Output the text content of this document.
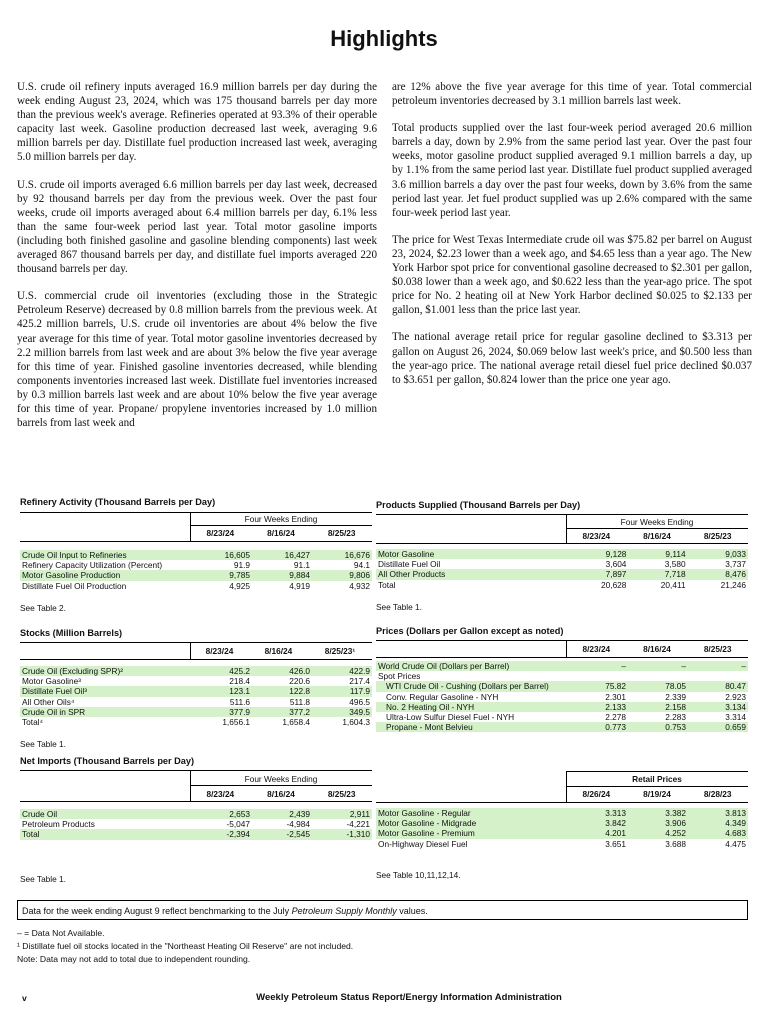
Highlights

U.S. crude oil refinery inputs averaged 16.9 million barrels per day during the week ending August 23, 2024, which was 175 thousand barrels per day more than the previous week's average. Refineries operated at 93.3% of their operable capacity last week. Gasoline production decreased last week, averaging 9.6 million barrels per day. Distillate fuel production increased last week, averaging 5.0 million barrels per day.

U.S. crude oil imports averaged 6.6 million barrels per day last week, decreased by 92 thousand barrels per day from the previous week. Over the past four weeks, crude oil imports averaged about 6.4 million barrels per day, 6.1% less than the same four-week period last year. Total motor gasoline imports (including both finished gasoline and gasoline blending components) last week averaged 867 thousand barrels per day, and distillate fuel imports averaged 220 thousand barrels per day.

U.S. commercial crude oil inventories (excluding those in the Strategic Petroleum Reserve) decreased by 0.8 million barrels from the previous week. At 425.2 million barrels, U.S. crude oil inventories are about 4% below the five year average for this time of year. Total motor gasoline inventories decreased by 2.2 million barrels from last week and are about 3% below the five year average for this time of year. Finished gasoline inventories decreased, while blending components inventories increased last week. Distillate fuel inventories increased by 0.3 million barrels last week and are about 10% below the five year average for this time of year. Propane/ propylene inventories increased by 1.0 million barrels from last week and

are 12% above the five year average for this time of year. Total commercial petroleum inventories decreased by 3.1 million barrels last week.

Total products supplied over the last four-week period averaged 20.6 million barrels a day, down by 2.9% from the same period last year. Over the past four weeks, motor gasoline product supplied averaged 9.1 million barrels a day, up by 1.1% from the same period last year. Distillate fuel product supplied averaged 3.6 million barrels a day over the past four weeks, down by 3.6% from the same period last year. Jet fuel product supplied was up 2.6% compared with the same four-week period last year.

The price for West Texas Intermediate crude oil was $75.82 per barrel on August 23, 2024, $2.23 lower than a week ago, and $4.65 less than a year ago. The New York Harbor spot price for conventional gasoline decreased to $2.301 per gallon, $0.038 lower than a week ago, and $0.622 less than the year-ago price. The spot price for No. 2 heating oil at New York Harbor declined $0.025 to $2.133 per gallon, $1.001 less than the price last year.

The national average retail price for regular gasoline declined to $3.313 per gallon on August 26, 2024, $0.069 below last week's price, and $0.500 less than the year-ago price. The national average retail diesel fuel price declined $0.037 to $3.651 per gallon, $0.824 lower than the price one year ago.

Refinery Activity (Thousand Barrels per Day)
Four Weeks Ending
8/23/24	8/16/24	8/25/23
Crude Oil Input to Refineries	16,605	16,427	16,676
Refinery Capacity Utilization (Percent)	91.9	91.1	94.1
Motor Gasoline Production	9,785	9,884	9,806
Distillate Fuel Oil Production	4,925	4,919	4,932
See Table 2.
Products Supplied (Thousand Barrels per Day)
Four Weeks Ending
8/23/24	8/16/24	8/25/23
Motor Gasoline	9,128	9,114	9,033
Distillate Fuel Oil	3,604	3,580	3,737
All Other Products	7,897	7,718	8,476
Total	20,628	20,411	21,246
See Table 1.
Stocks (Million Barrels)
8/23/24	8/16/24	8/25/23¹
Crude Oil (Excluding SPR)²	425.2	426.0	422.9
Motor Gasoline³	218.4	220.6	217.4
Distillate Fuel Oil³	123.1	122.8	117.9
All Other Oils⁴	511.6	511.8	496.5
Crude Oil in SPR	377.9	377.2	349.5
Total⁴	1,656.1	1,658.4	1,604.3
See Table 1.
Prices (Dollars per Gallon except as noted)
8/23/24	8/16/24	8/25/23
World Crude Oil (Dollars per Barrel)	–	–	–
Spot Prices			
WTI Crude Oil - Cushing (Dollars per Barrel)	75.82	78.05	80.47
Conv. Regular Gasoline - NYH	2.301	2.339	2.923
No. 2 Heating Oil - NYH	2.133	2.158	3.134
Ultra-Low Sulfur Diesel Fuel - NYH	2.278	2.283	3.314
Propane - Mont Belvieu	0.773	0.753	0.659
Net Imports (Thousand Barrels per Day)
Four Weeks Ending
8/23/24	8/16/24	8/25/23
Crude Oil	2,653	2,439	2,911
Petroleum Products	-5,047	-4,984	-4,221
Total	-2,394	-2,545	-1,310
See Table 1.
Retail Prices
8/26/24	8/19/24	8/28/23
Motor Gasoline - Regular	3.313	3.382	3.813
Motor Gasoline - Midgrade	3.842	3.906	4.349
Motor Gasoline - Premium	4.201	4.252	4.683
On-Highway Diesel Fuel	3.651	3.688	4.475
See Table 10,11,12,14.
Data for the week ending August 9 reflect benchmarking to the July Petroleum Supply Monthly values.
– = Data Not Available.
¹ Distillate fuel oil stocks located in the "Northeast Heating Oil Reserve" are not included.
Note: Data may not add to total due to independent rounding.
v	Weekly Petroleum Status Report/Energy Information Administration
